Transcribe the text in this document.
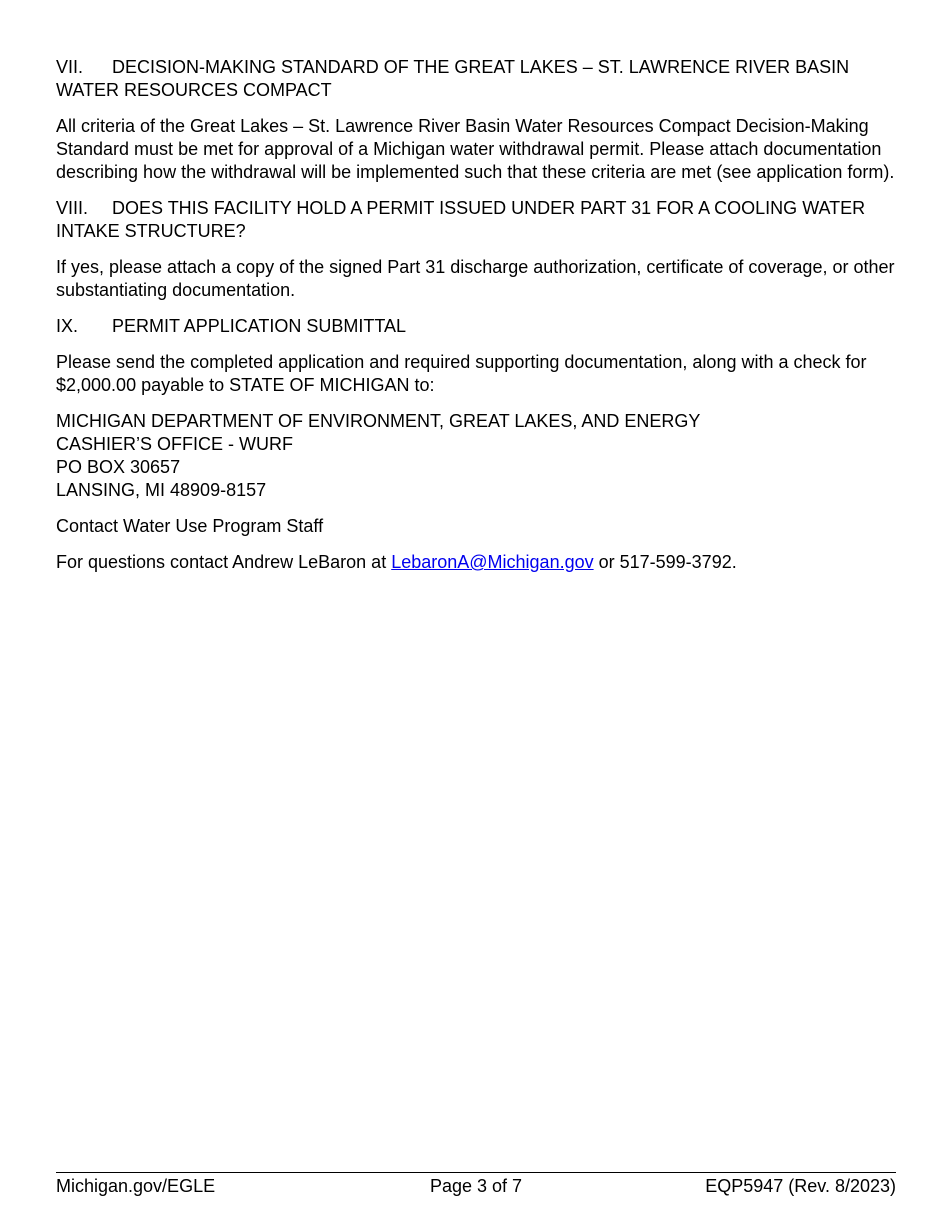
VII. DECISION-MAKING STANDARD OF THE GREAT LAKES – ST. LAWRENCE RIVER BASIN WATER RESOURCES COMPACT

All criteria of the Great Lakes – St. Lawrence River Basin Water Resources Compact Decision-Making Standard must be met for approval of a Michigan water withdrawal permit. Please attach documentation describing how the withdrawal will be implemented such that these criteria are met (see application form).

VIII. DOES THIS FACILITY HOLD A PERMIT ISSUED UNDER PART 31 FOR A COOLING WATER INTAKE STRUCTURE?

If yes, please attach a copy of the signed Part 31 discharge authorization, certificate of coverage, or other substantiating documentation.

IX. PERMIT APPLICATION SUBMITTAL

Please send the completed application and required supporting documentation, along with a check for $2,000.00 payable to STATE OF MICHIGAN to:

MICHIGAN DEPARTMENT OF ENVIRONMENT, GREAT LAKES, AND ENERGY
CASHIER’S OFFICE - WURF
PO BOX 30657
LANSING, MI 48909-8157

Contact Water Use Program Staff

For questions contact Andrew LeBaron at LebaronA@Michigan.gov or 517-599-3792.

Michigan.gov/EGLE	Page 3 of 7	EQP5947 (Rev. 8/2023)
